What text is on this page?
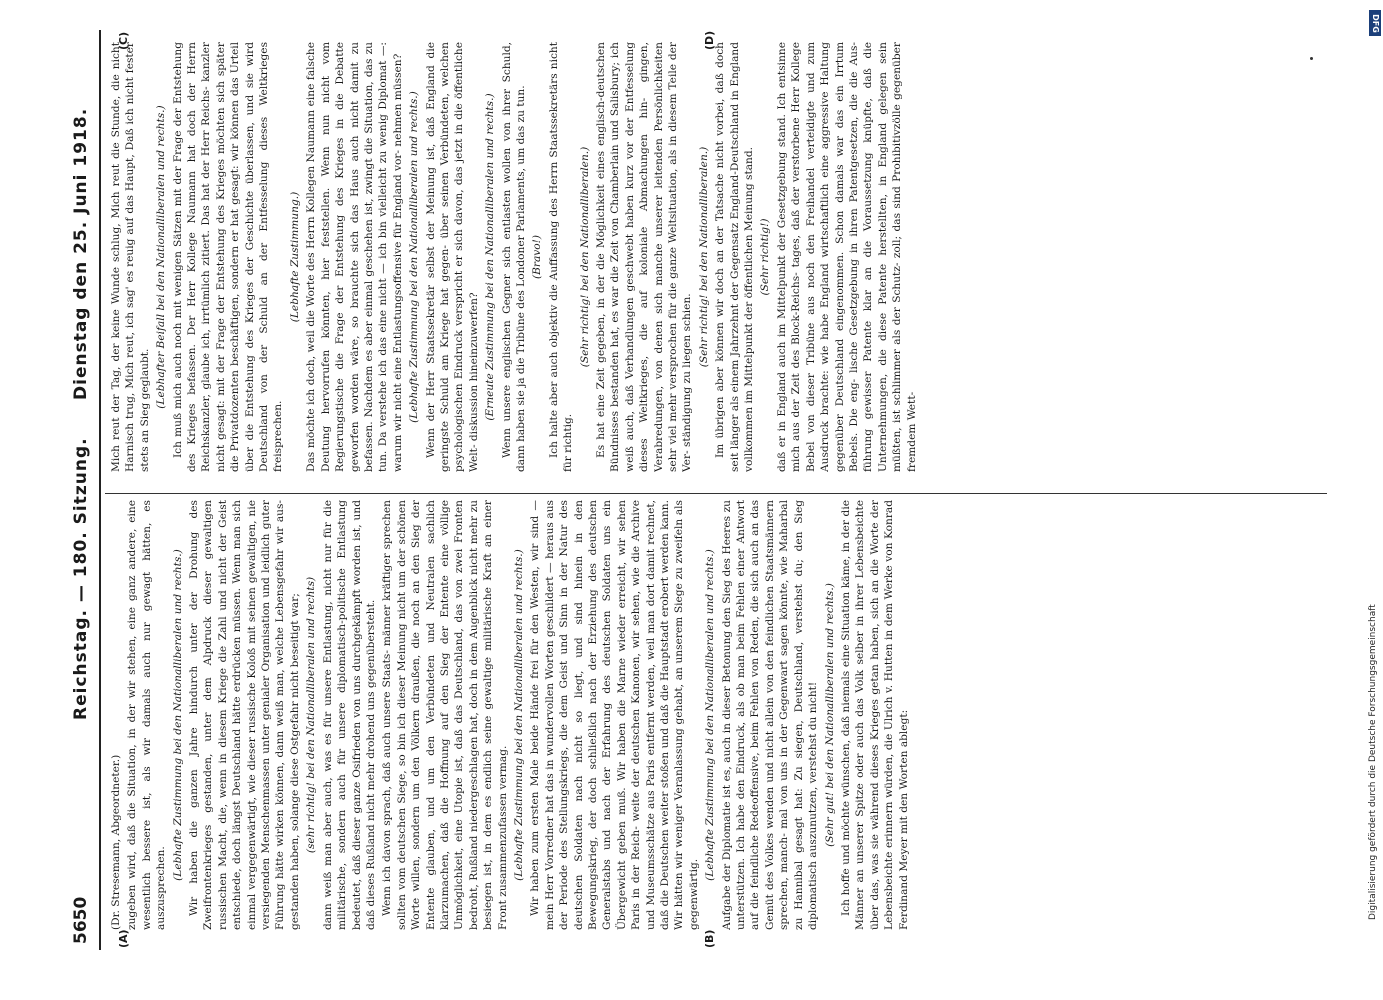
5650
Reichstag. — 180. Sitzung.
Dienstag den 25. Juni 1918.
(A)	(B)
(C)	(D)

(Dr. Stresemann, Abgeordneter.) zugeben wird, daß die Situation, in der wir stehen, eine ganz andere, eine wesentlich bessere ist, als wir damals auch nur gewagt hätten, es auszusprechen.

(Lebhafte Zustimmung bei den Nationalliberalen und rechts.) Wir haben die ganzen Jahre hindurch unter der Drohung des Zweifrontenkrieges gestanden, unter dem Alpdruck dieser gewaltigen russischen Macht, die, wenn in diesem Kriege die Zahl und nicht der Geist entschiede, doch längst Deutschland hätte erdrücken müssen. Wenn man sich einmal vergegenwärtigt, wie dieser russische Koloß mit seinen gewaltigen, nie versiegenden Menschenmassen unter genialer Organisation und leidlich guter Führung hätte wirken können, dann weiß man, welche Lebensgefahr wir aus- gestanden haben, solange diese Ostgefahr nicht beseitigt war; (sehr richtig! bei den Nationalliberalen und rechts) dann weiß man aber auch, was es für unsere Entlastung, nicht nur für die militärische, sondern auch für unsere diplomatisch-politische Entlastung bedeutet, daß dieser ganze Osifrieden von uns durchgekämpft worden ist, und daß dieses Rußland nicht mehr drohend uns gegenübersteht. Wenn ich davon sprach, daß auch unsere Staats- männer kräftiger sprechen sollten vom deutschen Siege, so bin ich dieser Meinung nicht um der schönen Worte willen, sondern um den Völkern draußen, die noch an den Sieg der Entente glauben, und um den Verbündeten und Neutralen sachlich klarzumachen, daß die Hoffnung auf den Sieg der Entente eine völlige Unmöglichkeit, eine Utopie ist, daß das Deutschland, das von zwei Fronten bedroht, Rußland niedergeschlagen hat, doch in dem Augenblick nicht mehr zu besiegen ist, in dem es endlich seine gewaltige militärische Kraft an einer Front zusammenzufassen vermag. (Lebhafte Zustimmung bei den Nationalliberalen und rechts.) Wir haben zum ersten Male beide Hände frei für den Westen, wir sind — mein Herr Vorredner hat das in wundervollen Worten geschildert — heraus aus der Periode des Stellungskriegs, die dem Geist und Sinn in der Natur des deutschen Soldaten nach nicht so liegt, und sind hinein in den Bewegungskrieg, der doch schließlich nach der Erziehung des deutschen Generalstabs und nach der Erfahrung des deutschen Soldaten uns ein Übergewicht geben muß. Wir haben die Marne wieder erreicht, wir sehen Paris in der Reich- weite der deutschen Kanonen, wir sehen, wie die Archive und Museumsschätze aus Paris entfernt werden, weil man dort damit rechnet, daß die Deutschen weiter stoßen und daß die Hauptstadt erobert werden kann. Wir hätten wir weniger Veranlassung gehabt, an unserem Siege zu zweifeln als gegenwärtig.

(Lebhafte Zustimmung bei den Nationalliberalen und rechts.) Aufgabe der Diplomatie ist es, auch in dieser Betonung den Sieg des Heeres zu unterstützen. Ich habe den Eindruck, als ob man beim Fehlen einer Antwort auf die feindliche Redeoffensive, beim Fehlen von Reden, die sich auch an das Gemüt des Volkes wenden und nicht allein von den feindlichen Staatsmännern sprechen, manch- mal von uns in der Gegenwart sagen könnte, wie Maharbal zu Hannibal gesagt hat: Zu siegen, Deutschland, verstehst du; den Sieg diplomatisch auszunutzen, verstehst du nicht! (Sehr gut! bei den Nationalliberalen und rechts.) Ich hoffe und möchte wünschen, daß niemals eine Situation käme, in der die Männer an unserer Spitze oder auch das Volk selber in ihrer Lebensbeichte über das, was sie während dieses Krieges getan haben, sich an die Worte der Lebensbeichte erinnern würden, die Ulrich v. Hutten in dem Werke von Konrad Ferdinand Meyer mit den Worten ablegt:

Mich reut der Tag, der keine Wunde schlug, Mich reut die Stunde, die nicht Harnisch trug, Mich reut, ich sag' es reuig auf das Haupt, Daß ich nicht fester stets an Sieg geglaubt.

(Lebhafter Beifall bei den Nationalliberalen und rechts.) Ich muß mich auch noch mit wenigen Sätzen mit der Frage der Entstehung des Krieges befassen. Der Herr Kollege Naumann hat doch der Herrn Reichskanzler, glaube ich, irrtümlich zitiert. Das hat der Herr Reichs- kanzler nicht gesagt: mit der Frage der Entstehung des Krieges möchten sich später die Privatdozenten beschäftigen, sondern er hat gesagt: wir können das Urteil über die Entstehung des Krieges der Geschichte überlassen, und sie wird Deutschland von der Schuld an der Entfesselung dieses Weltkrieges freisprechen.

(Lebhafte Zustimmung.) Das möchte ich doch, weil die Worte des Herrn Kollegen Naumann eine falsche Deutung hervorrufen könnten, hier feststellen. Wenn nun nicht vom Regierungstische die Frage der Entstehung des Krieges in die Debatte geworfen worden wäre, so brauchte sich das Haus auch nicht damit zu befassen. Nachdem es aber einmal geschehen ist, zwingt die Situation, das zu tun. Da verstehe ich das eine nicht — ich bin vielleicht zu wenig Diplomat —: warum wir nicht eine Entlastungsoffensive für England vor- nehmen müssen? (Lebhafte Zustimmung bei den Nationalliberalen und rechts.) Wenn der Herr Staatssekretär selbst der Meinung ist, daß England die geringste Schuld am Kriege hat gegen- über seinen Verbündeten, welchen psychologischen Eindruck verspricht er sich davon, das jetzt in die öffentliche Welt- diskussion hineinzuwerfen? (Erneute Zustimmung bei den Nationalliberalen und rechts.) Wenn unsere englischen Gegner sich entlasten wollen von ihrer Schuld, dann haben sie ja die Tribüne des Londoner Parlaments, um das zu tun. (Bravo!) Ich halte aber auch objektiv die Auffassung des Herrn Staatssekretärs nicht für richtig.

(Sehr richtig! bei den Nationalliberalen.) Es hat eine Zeit gegeben, in der die Möglichkeit eines englisch-deutschen Bündnisses bestanden hat, es war die Zeit von Chamberlain und Salisbury; ich weiß auch, daß Verhandlungen geschwebt haben kurz vor der Entfesselung dieses Weltkrieges, die auf koloniale Abmachungen hin- gingen, Verabredungen, von denen sich manche unserer leitenden Persönlichkeiten sehr viel mehr versprochen für die ganze Weltsituation, als in diesem Teile der Ver- ständigung zu liegen schien.

(Sehr richtig! bei den Nationalliberalen.) Im übrigen aber können wir doch an der Tatsache nicht vorbei, daß doch seit länger als einem Jahrzehnt der Gegensatz England-Deutschland in England vollkommen im Mittelpunkt der öffentlichen Meinung stand. (Sehr richtig!) daß er in England auch im Mittelpunkt der Gesetzgebung stand. Ich entsinne mich aus der Zeit des Block-Reichs- tages, daß der verstorbene Herr Kollege Bebel von dieser Tribüne aus noch den Freihandel verteidigte und zum Ausdruck brachte: wie habe England wirtschaftlich eine aggressive Haltung gegenüber Deutschland eingenommen. Schon damals war das ein Irrtum Bebels. Die eng- lische Gesetzgebung in ihren Patentgesetzen, die die Aus- führung gewisser Patente klar an die Voraussetzung knüpfte, daß die Unternehmungen, die diese Patente herstellten, in England gelegen sein müßten, ist schlimmer als der Schutz- zoll; das sind Prohibitivzölle gegenüber fremdem Wett-

DFG
Digitalisierung gefördert durch die Deutsche Forschungsgemeinschaft
